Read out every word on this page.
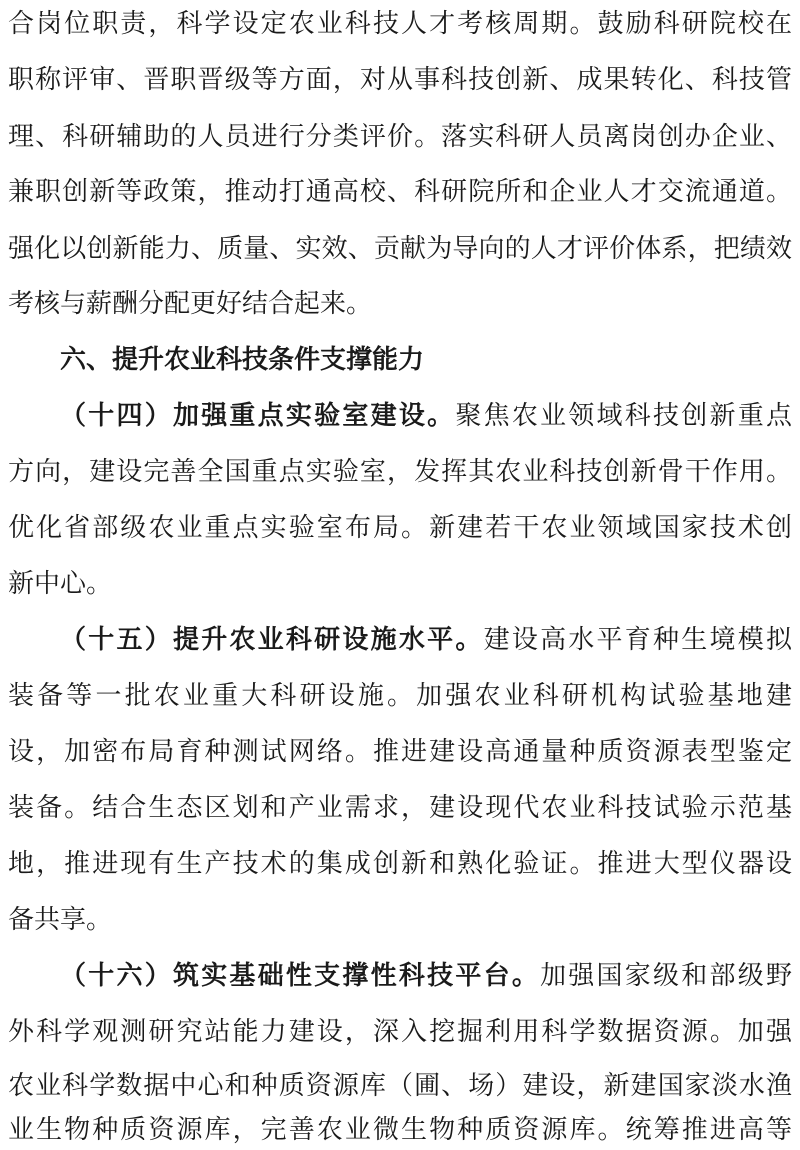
合岗位职责，科学设定农业科技人才考核周期。鼓励科研院校在
职称评审、晋职晋级等方面，对从事科技创新、成果转化、科技管
理、科研辅助的人员进行分类评价。落实科研人员离岗创办企业、
兼职创新等政策，推动打通高校、科研院所和企业人才交流通道。
强化以创新能力、质量、实效、贡献为导向的人才评价体系，把绩效
考核与薪酬分配更好结合起来。
六、提升农业科技条件支撑能力
（十四）加强重点实验室建设。聚焦农业领域科技创新重点
方向，建设完善全国重点实验室，发挥其农业科技创新骨干作用。
优化省部级农业重点实验室布局。新建若干农业领域国家技术创
新中心。
（十五）提升农业科研设施水平。建设高水平育种生境模拟
装备等一批农业重大科研设施。加强农业科研机构试验基地建
设，加密布局育种测试网络。推进建设高通量种质资源表型鉴定
装备。结合生态区划和产业需求，建设现代农业科技试验示范基
地，推进现有生产技术的集成创新和熟化验证。推进大型仪器设
备共享。
（十六）筑实基础性支撑性科技平台。加强国家级和部级野
外科学观测研究站能力建设，深入挖掘利用科学数据资源。加强
农业科学数据中心和种质资源库（圃、场）建设，新建国家淡水渔
业生物种质资源库，完善农业微生物种质资源库。统筹推进高等
